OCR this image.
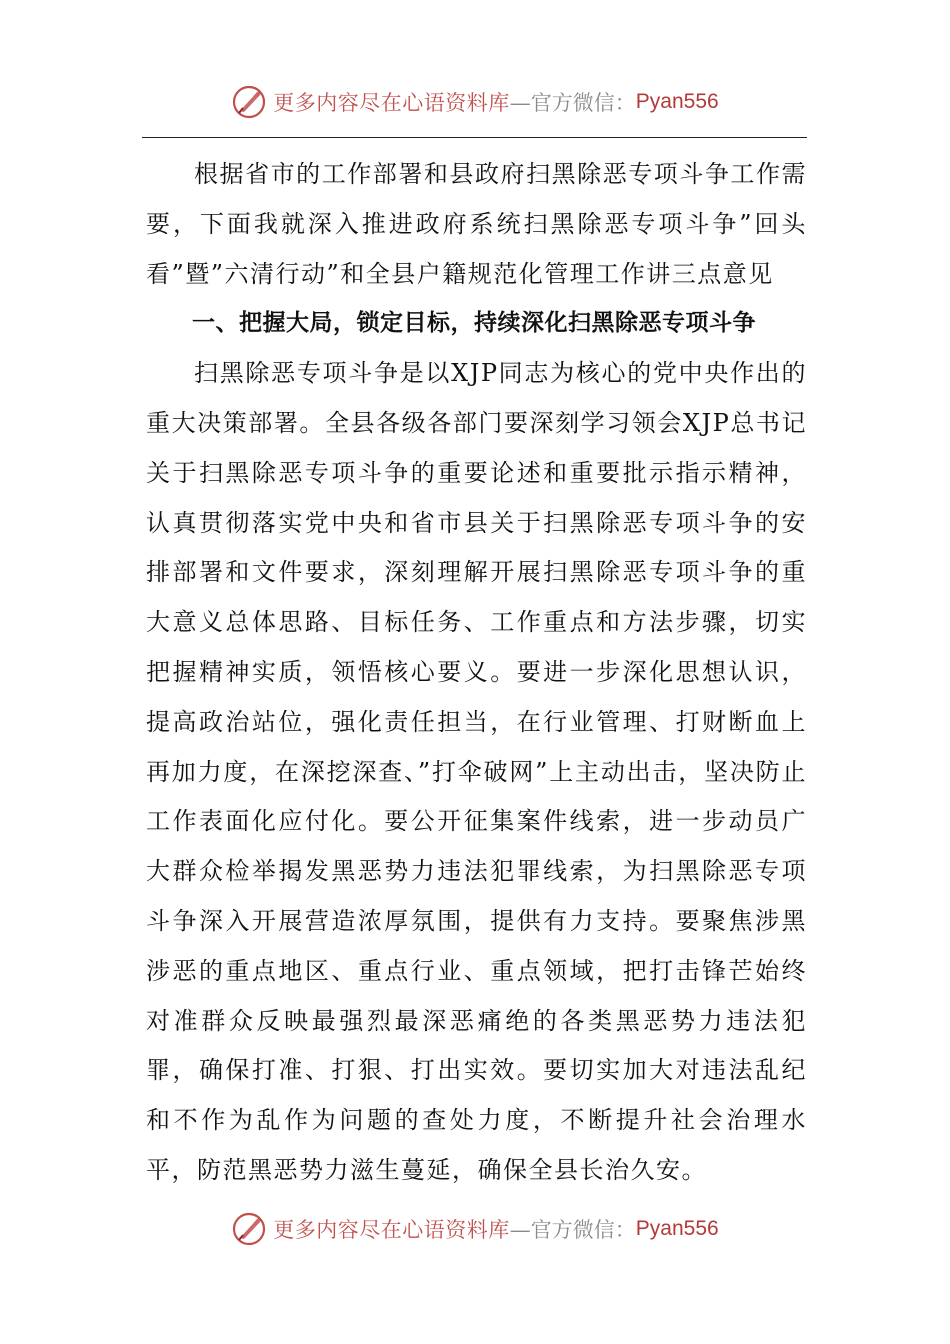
更多内容尽在心语资料库 —官方微信： Pyan556

根据省市的工作部署和县政府扫黑除恶专项斗争工作需要，下面我就深入推进政府系统扫黑除恶专项斗争”回头看”暨”六清行动”和全县户籍规范化管理工作讲三点意见

一、把握大局，锁定目标，持续深化扫黑除恶专项斗争

扫黑除恶专项斗争是以XJP同志为核心的党中央作出的重大决策部署。全县各级各部门要深刻学习领会XJP总书记关于扫黑除恶专项斗争的重要论述和重要批示指示精神，认真贯彻落实党中央和省市县关于扫黑除恶专项斗争的安排部署和文件要求，深刻理解开展扫黑除恶专项斗争的重大意义总体思路、目标任务、工作重点和方法步骤，切实把握精神实质，领悟核心要义。要进一步深化思想认识，提高政治站位，强化责任担当，在行业管理、打财断血上再加力度，在深挖深查、”打伞破网”上主动出击，坚决防止工作表面化应付化。要公开征集案件线索，进一步动员广大群众检举揭发黑恶势力违法犯罪线索，为扫黑除恶专项斗争深入开展营造浓厚氛围，提供有力支持。要聚焦涉黑涉恶的重点地区、重点行业、重点领域，把打击锋芒始终对准群众反映最强烈最深恶痛绝的各类黑恶势力违法犯罪，确保打准、打狠、打出实效。要切实加大对违法乱纪和不作为乱作为问题的查处力度，不断提升社会治理水平，防范黑恶势力滋生蔓延，确保全县长治久安。

更多内容尽在心语资料库 —官方微信： Pyan556
